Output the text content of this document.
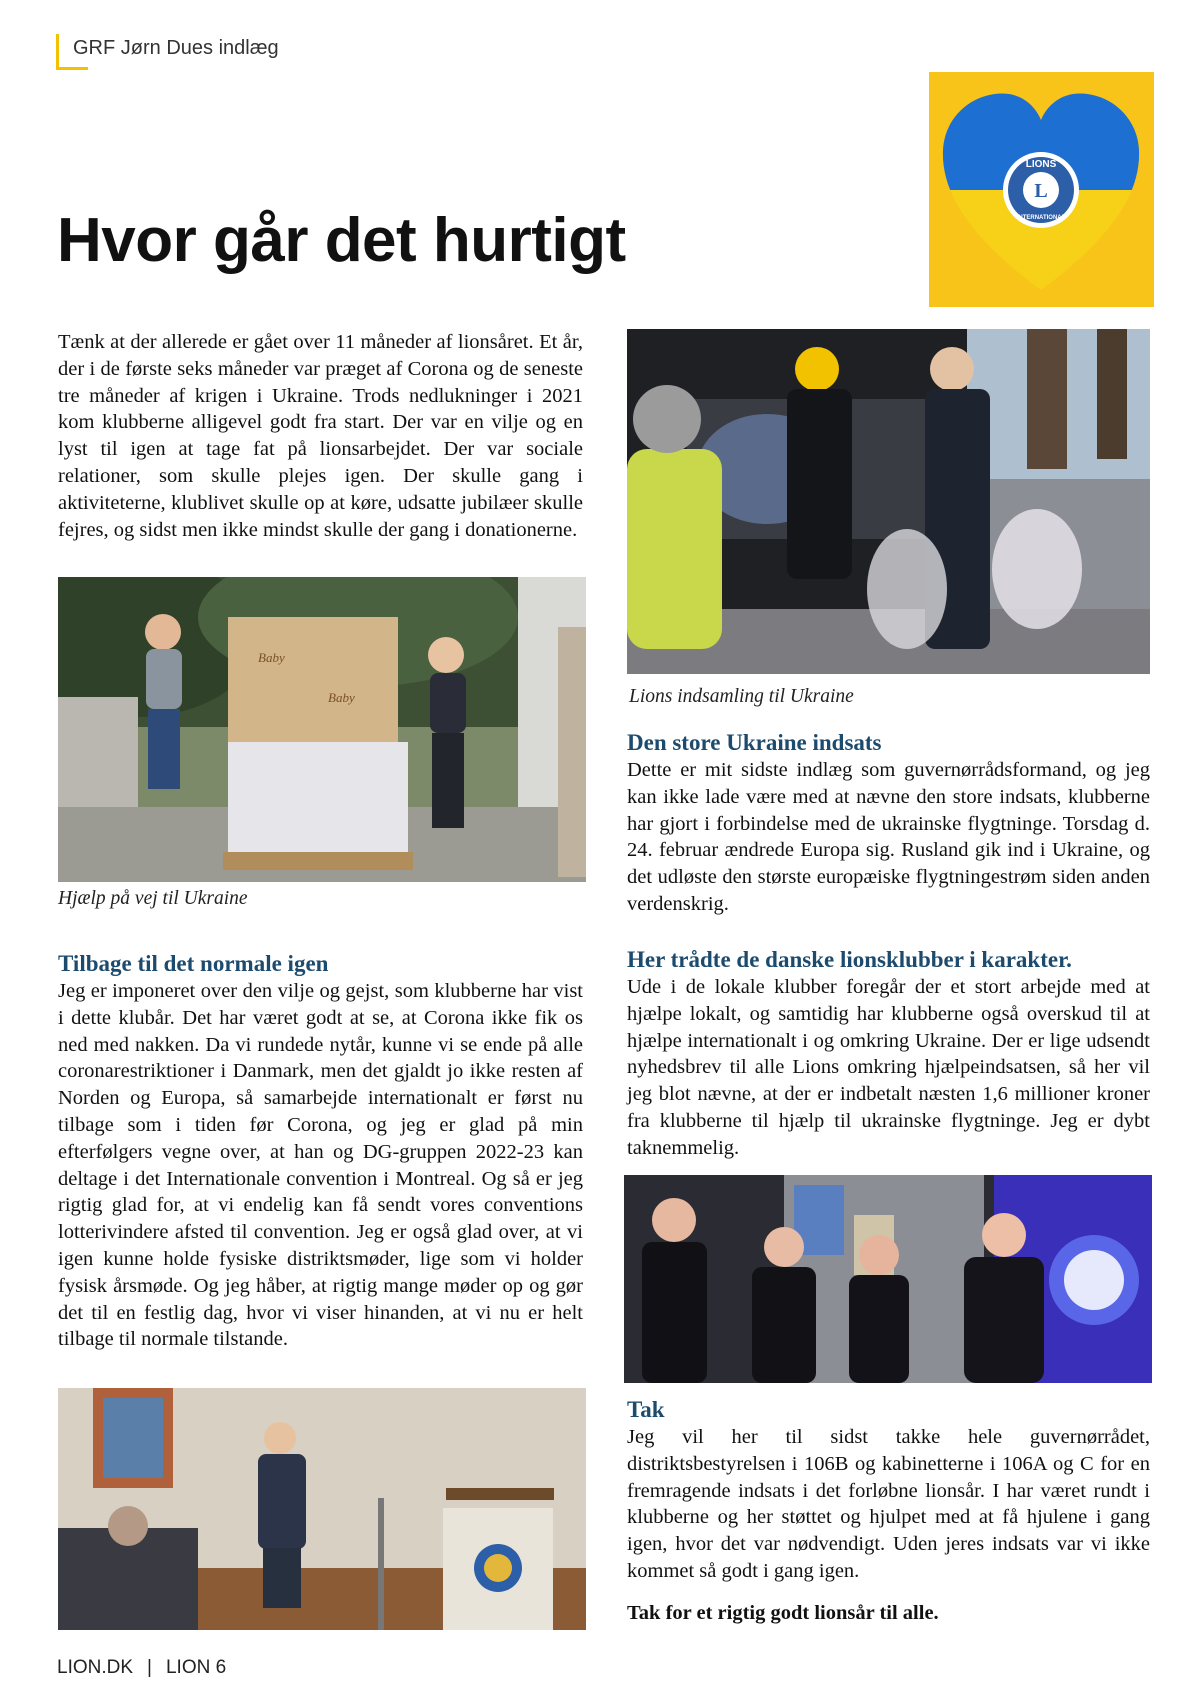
GRF Jørn Dues indlæg
L
LIONS
INTERNATIONAL
Hvor går det hurtigt

Tænk at der allerede er gået over 11 måneder af lionsåret. Et år, der i de første seks måneder var præget af Corona og de seneste tre måneder af krigen i Ukraine. Trods nedlukninger i 2021 kom klubberne alligevel godt fra start. Der var en vilje og en lyst til igen at tage fat på lionsarbejdet. Der var sociale relationer, som skulle plejes igen. Der skulle gang i aktiviteterne, klublivet skulle op at køre, udsatte jubilæer skulle fejres, og sidst men ikke mindst skulle der gang i donationerne.

Baby
Baby

Hjælp på vej til Ukraine

Tilbage til det normale igen

Jeg er imponeret over den vilje og gejst, som klubberne har vist i dette klubår. Det har været godt at se, at Corona ikke fik os ned med nakken. Da vi rundede nytår, kunne vi se ende på alle coronarestriktioner i Danmark, men det gjaldt jo ikke resten af Norden og Europa, så samarbejde internationalt er først nu tilbage som i tiden før Corona, og jeg er glad på min efterfølgers vegne over, at han og DG-gruppen 2022-23 kan deltage i det Internationale convention i Montreal. Og så er jeg rigtig glad for, at vi endelig kan få sendt vores conventions lotterivindere afsted til convention. Jeg er også glad over, at vi igen kunne holde fysiske distriktsmøder, lige som vi holder fysisk årsmøde. Og jeg håber, at rigtig mange møder op og gør det til en festlig dag, hvor vi viser hinanden, at vi nu er helt tilbage til normale tilstande.

Lions indsamling til Ukraine

Den store Ukraine indsats

Dette er mit sidste indlæg som guvernørrådsformand, og jeg kan ikke lade være med at nævne den store indsats, klubberne har gjort i forbindelse med de ukrainske flygtninge. Torsdag d. 24. februar ændrede Europa sig. Rusland gik ind i Ukraine, og det udløste den største europæiske flygtningestrøm siden anden verdenskrig.

Her trådte de danske lionsklubber i karakter.

Ude i de lokale klubber foregår der et stort arbejde med at hjælpe lokalt, og samtidig har klubberne også overskud til at hjælpe internationalt i og omkring Ukraine. Der er lige udsendt nyhedsbrev til alle Lions omkring hjælpeindsatsen, så her vil jeg blot nævne, at der er indbetalt næsten 1,6 millioner kroner fra klubberne til hjælp til ukrainske flygtninge. Jeg er dybt taknemmelig.

Tak

Jeg vil her til sidst takke hele guvernørrådet, distriktsbestyrelsen i 106B og kabinetterne i 106A og C for en fremragende indsats i det forløbne lionsår. I har været rundt i klubberne og her støttet og hjulpet med at få hjulene i gang igen, hvor det var nødvendigt. Uden jeres indsats var vi ikke kommet så godt i gang igen.

Tak for et rigtig godt lionsår til alle.

LION.DK | LION 6
